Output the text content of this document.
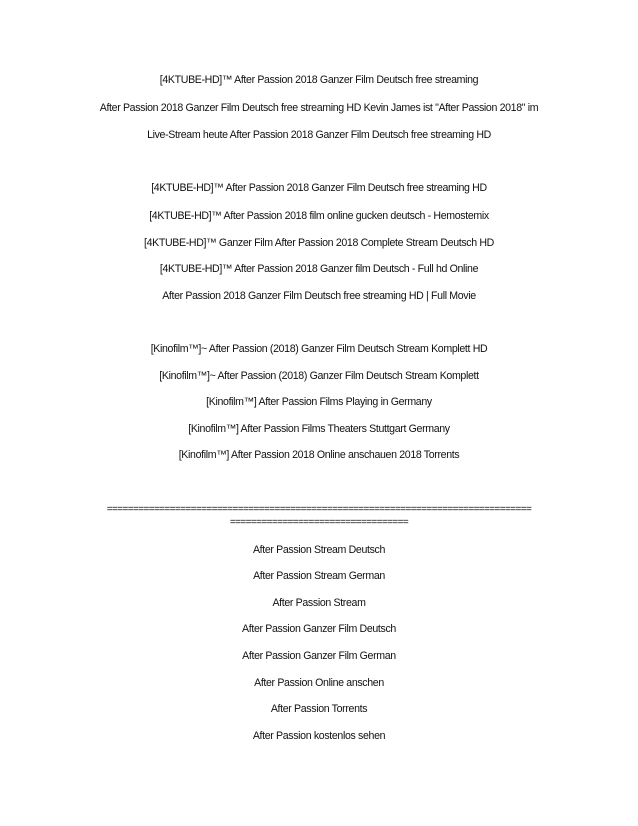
[4KTUBE-HD]™ After Passion 2018 Ganzer Film Deutsch free streaming
After Passion 2018 Ganzer Film Deutsch free streaming HD Kevin James ist "After Passion 2018" im
Live-Stream heute After Passion 2018 Ganzer Film Deutsch free streaming HD
[4KTUBE-HD]™ After Passion 2018 Ganzer Film Deutsch free streaming HD
[4KTUBE-HD]™ After Passion 2018 film online gucken deutsch - Hemostemix
[4KTUBE-HD]™ Ganzer Film After Passion 2018 Complete Stream Deutsch HD
[4KTUBE-HD]™ After Passion 2018 Ganzer film Deutsch - Full hd Online
After Passion 2018 Ganzer Film Deutsch free streaming HD | Full Movie
[Kinofilm™]~ After Passion (2018) Ganzer Film Deutsch Stream Komplett HD
[Kinofilm™]~ After Passion (2018) Ganzer Film Deutsch Stream Komplett
[Kinofilm™] After Passion Films Playing in Germany
[Kinofilm™] After Passion Films Theaters Stuttgart Germany
[Kinofilm™] After Passion 2018 Online anschauen 2018 Torrents
=================================================================================
==================================
After Passion Stream Deutsch
After Passion Stream German
After Passion Stream
After Passion Ganzer Film Deutsch
After Passion Ganzer Film German
After Passion Online anschen
After Passion Torrents
After Passion kostenlos sehen
